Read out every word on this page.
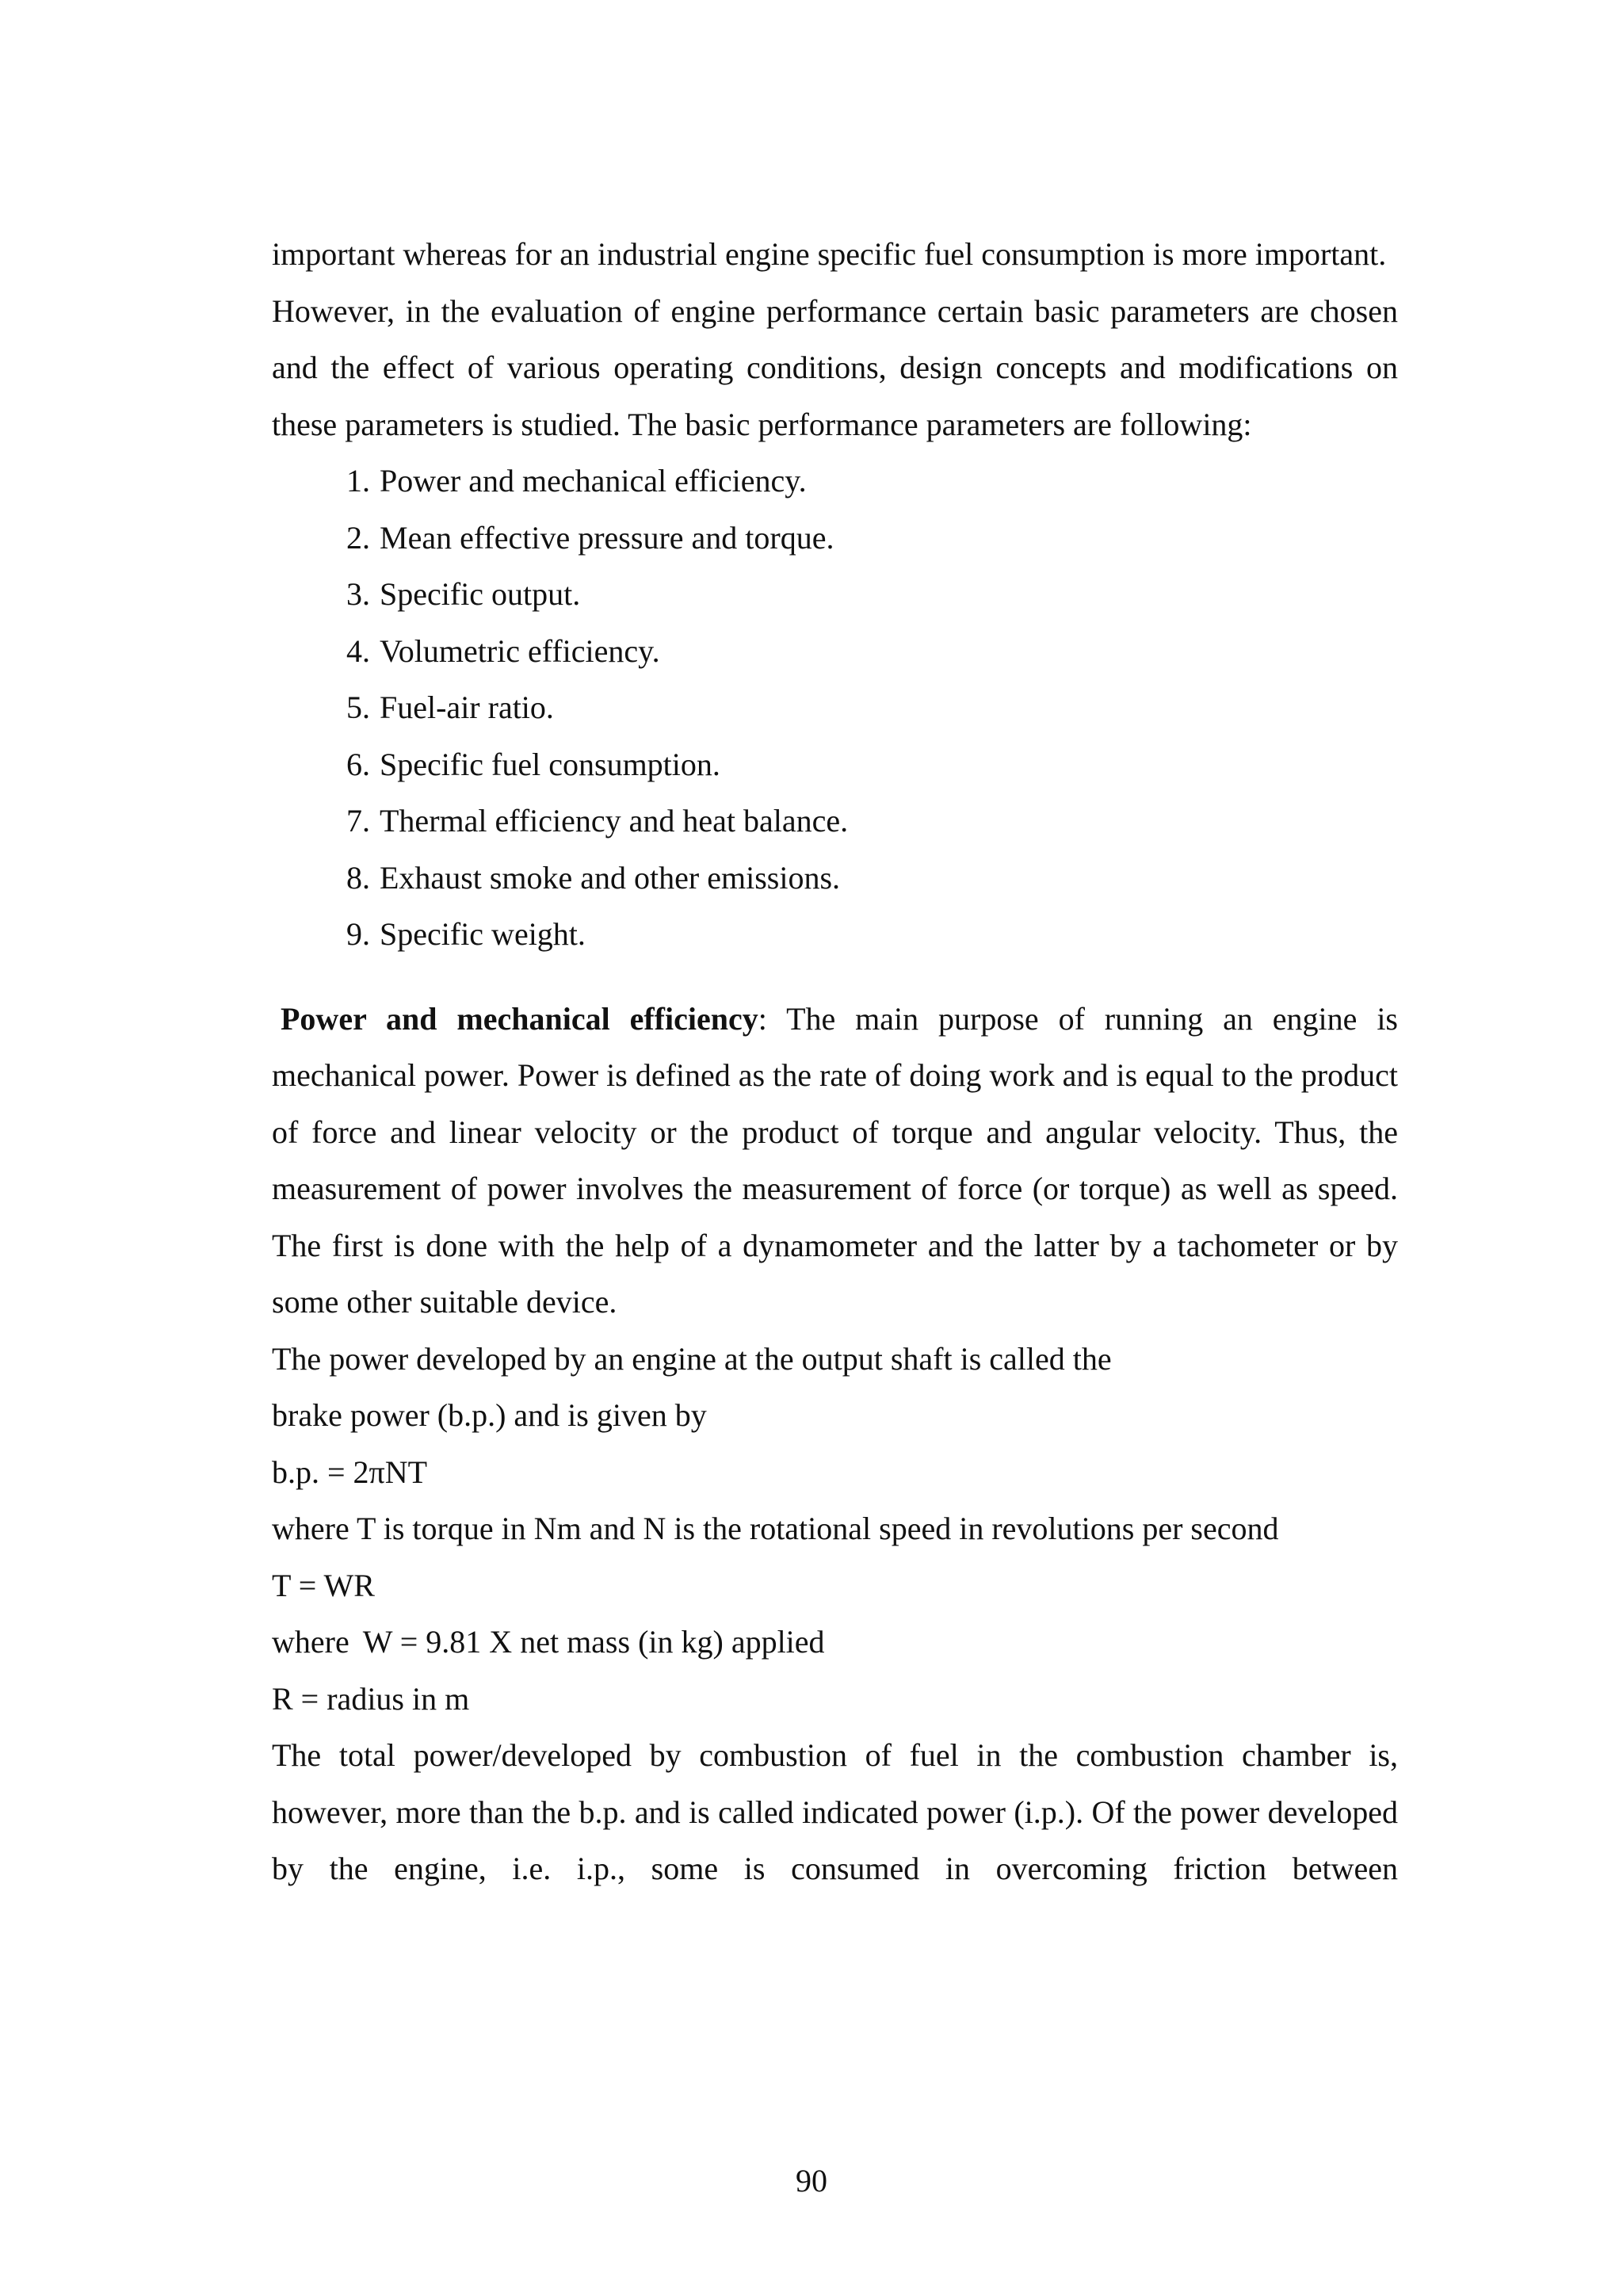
important whereas for an industrial engine specific fuel consumption is more important.

However, in the evaluation of engine performance certain basic parameters are chosen and the effect of various operating conditions, design concepts and modifications on these parameters is studied. The basic performance parameters are following:

1. Power and mechanical efficiency.
2. Mean effective pressure and torque.
3. Specific output.
4. Volumetric efficiency.
5. Fuel-air ratio.
6. Specific fuel consumption.
7. Thermal efficiency and heat balance.
8. Exhaust smoke and other emissions.
9. Specific weight.

Power and mechanical efficiency: The main purpose of running an engine is mechanical power. Power is defined as the rate of doing work and is equal to the product of force and linear velocity or the product of torque and angular velocity. Thus, the measurement of power involves the measurement of force (or torque) as well as speed. The first is done with the help of a dynamometer and the latter by a tachometer or by some other suitable device.

The power developed by an engine at the output shaft is called the

brake power (b.p.) and is given by

b.p. = 2πNT

where T is torque in Nm and N is the rotational speed in revolutions per second

T = WR

where W = 9.81 X net mass (in kg) applied

R = radius in m

The total power/developed by combustion of fuel in the combustion chamber is, however, more than the b.p. and is called indicated power (i.p.). Of the power developed by the engine, i.e. i.p., some is consumed in overcoming friction between

90
